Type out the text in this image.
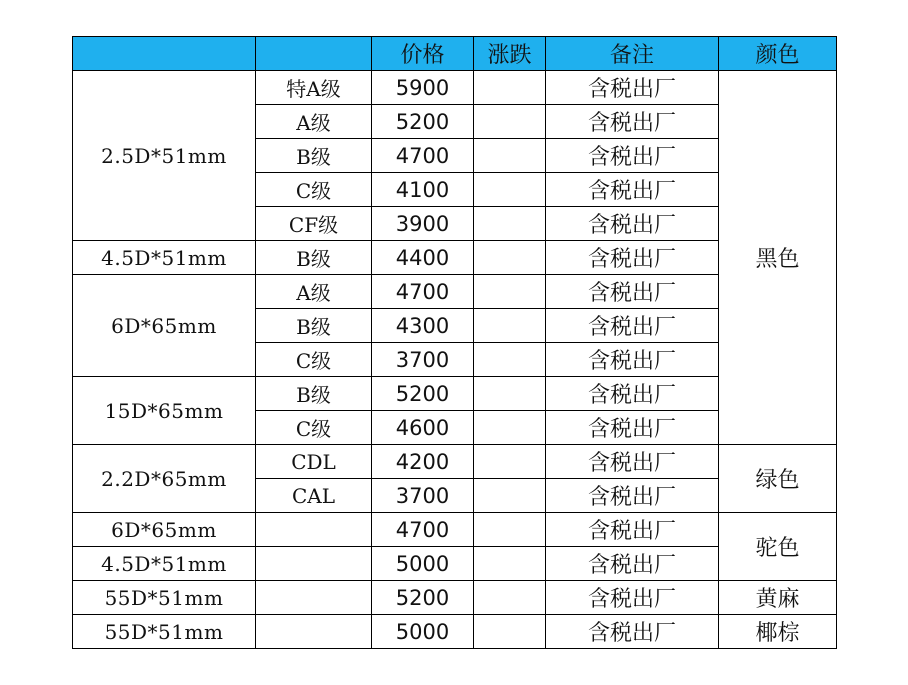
		价格	涨跌	备注	颜色
2.5D*51mm	特A级	5900		含税出厂	黑色
	A级	5200		含税出厂	
	B级	4700		含税出厂	
	C级	4100		含税出厂	
	CF级	3900		含税出厂	
4.5D*51mm	B级	4400		含税出厂	
6D*65mm	A级	4700		含税出厂	
	B级	4300		含税出厂	
	C级	3700		含税出厂	
15D*65mm	B级	5200		含税出厂	
	C级	4600		含税出厂	
2.2D*65mm	CDL	4200		含税出厂	绿色
	CAL	3700		含税出厂	
6D*65mm		4700		含税出厂	驼色
4.5D*51mm		5000		含税出厂	
55D*51mm		5200		含税出厂	黄麻
55D*51mm		5000		含税出厂	椰棕
